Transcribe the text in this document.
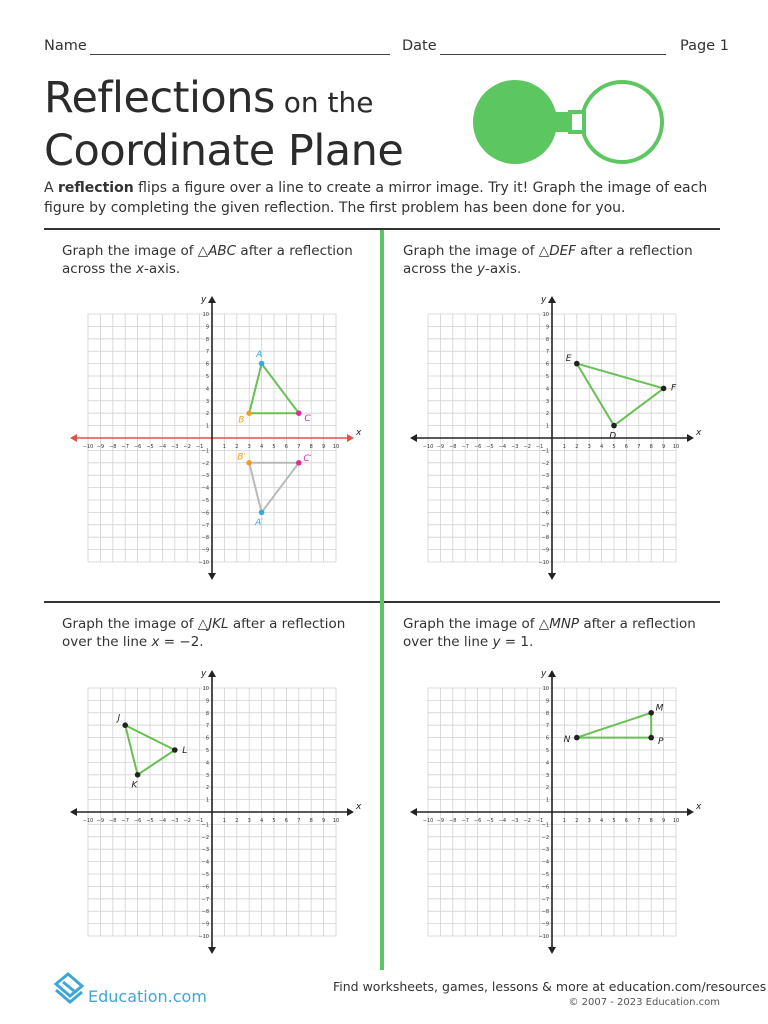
Name	Date	Page 1
Reflections on the
Coordinate Plane
A reflection flips a figure over a line to create a mirror image. Try it! Graph the image of each figure by completing the given reflection. The first problem has been done for you.
Graph the image of △ABC after a reflection
across the x-axis.
Graph the image of △DEF after a reflection
across the y-axis.
Graph the image of △JKL after a reflection
over the line x = −2.
Graph the image of △MNP after a reflection
over the line y = 1.
x
y
−10
−10
−9
−9
−8
−8
−7
−7
−6
−6
−5
−5
−4
−4
−3
−3
−2
−2
−1
−1
1
1
2
2
3
3
4
4
5
5
6
6
7
7
8
8
9
9
10
10
A
B	C
A′
B′	C′
x
y
−10
−10
−9
−9
−8
−8
−7
−7
−6
−6
−5
−5
−4
−4
−3
−3
−2
−2
−1
−1
1
1
2
2
3
3
4
4
5
5
6
6
7
7
8
8
9
9
10
10
D
E
F
x
y
−10
−10
−9
−9
−8
−8
−7
−7
−6
−6
−5
−5
−4
−4
−3
−3
−2
−2
−1
−1
1
1
2
2
3
3
4
4
5
5
6
6
7
7
8
8
9
9
10
10
J
K
L
x
y
−10
−10
−9
−9
−8
−8
−7
−7
−6
−6
−5
−5
−4
−4
−3
−3
−2
−2
−1
−1
1
1
2
2
3
3
4
4
5
5
6
6
7
7
8
8
9
9
10
10
M
N	P
Education.com
Find worksheets, games, lessons & more at education.com/resources
© 2007 - 2023 Education.com
